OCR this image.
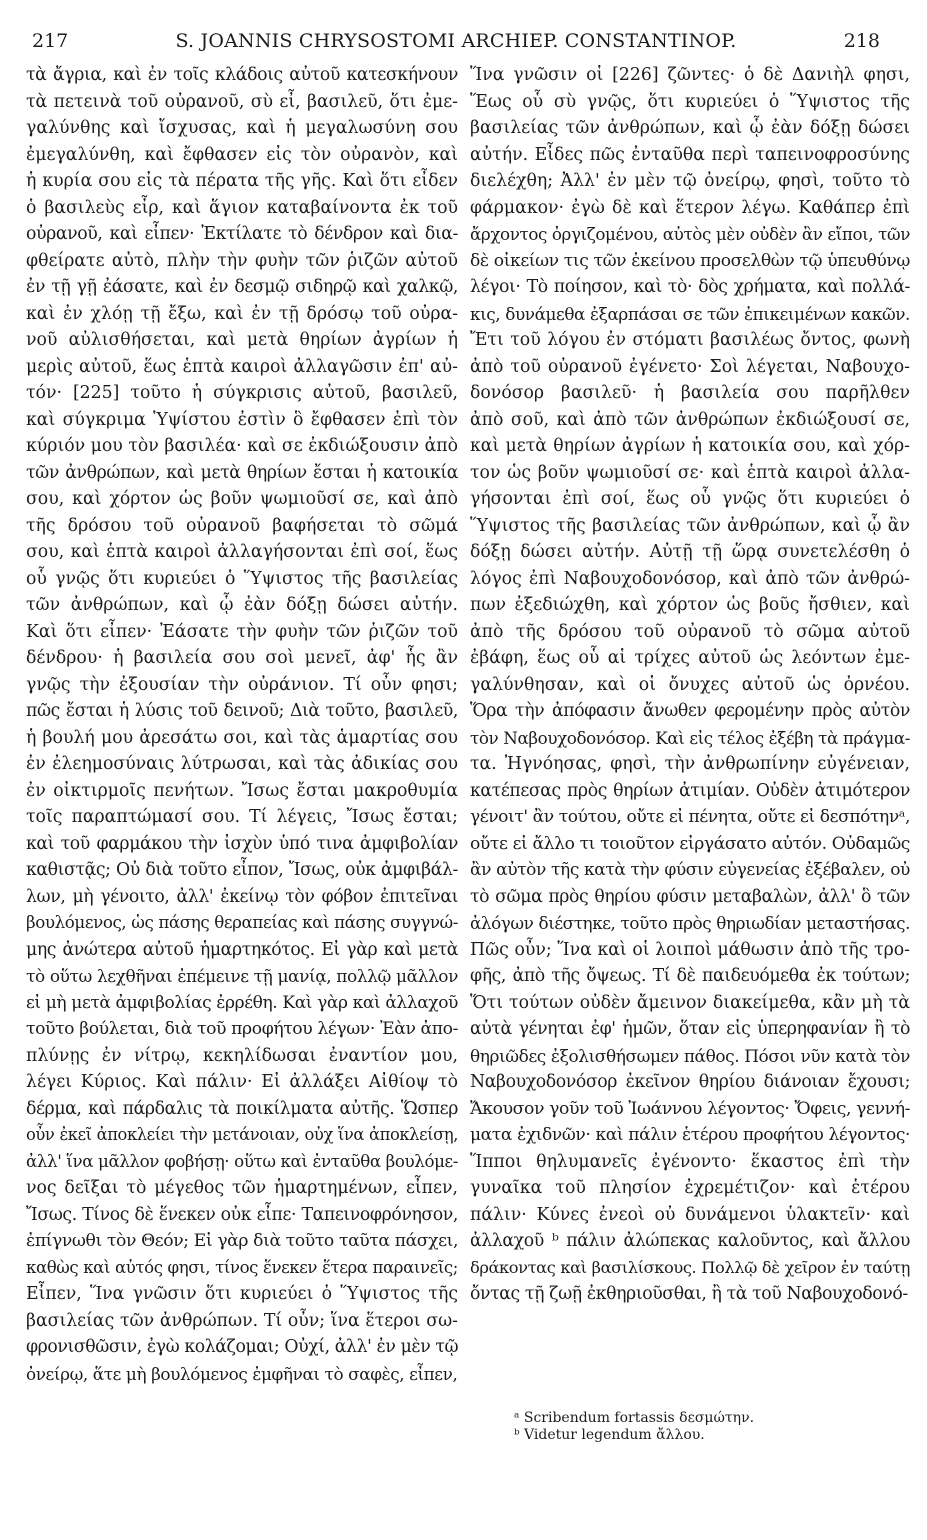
217	S. JOANNIS CHRYSOSTOMI ARCHIEP. CONSTANTINOP.	218
τὰ ἄγρια, καὶ ἐν τοῖς κλάδοις αὐτοῦ κατεσκήνουν
τὰ πετεινὰ τοῦ οὐρανοῦ, σὺ εἶ, βασιλεῦ, ὅτι ἐμε-
γαλύνθης καὶ ἴσχυσας, καὶ ἡ μεγαλωσύνη σου
ἐμεγαλύνθη, καὶ ἔφθασεν εἰς τὸν οὐρανὸν, καὶ
ἡ κυρία σου εἰς τὰ πέρατα τῆς γῆς. Καὶ ὅτι εἶδεν
ὁ βασιλεὺς εἶρ, καὶ ἅγιον καταβαίνοντα ἐκ τοῦ
οὐρανοῦ, καὶ εἶπεν· Ἐκτίλατε τὸ δένδρον καὶ δια-
φθείρατε αὐτὸ, πλὴν τὴν φυὴν τῶν ῥιζῶν αὐτοῦ
ἐν τῇ γῇ ἐάσατε, καὶ ἐν δεσμῷ σιδηρῷ καὶ χαλκῷ,
καὶ ἐν χλόῃ τῇ ἔξω, καὶ ἐν τῇ δρόσῳ τοῦ οὐρα-
νοῦ αὐλισθήσεται, καὶ μετὰ θηρίων ἀγρίων ἡ
μερὶς αὐτοῦ, ἕως ἑπτὰ καιροὶ ἀλλαγῶσιν ἐπ' αὐ-
τόν· [225] τοῦτο ἡ σύγκρισις αὐτοῦ, βασιλεῦ,
καὶ σύγκριμα Ὑψίστου ἐστὶν ὃ ἔφθασεν ἐπὶ τὸν
κύριόν μου τὸν βασιλέα· καὶ σε ἐκδιώξουσιν ἀπὸ
τῶν ἀνθρώπων, καὶ μετὰ θηρίων ἔσται ἡ κατοικία
σου, καὶ χόρτον ὡς βοῦν ψωμιοῦσί σε, καὶ ἀπὸ
τῆς δρόσου τοῦ οὐρανοῦ βαφήσεται τὸ σῶμά
σου, καὶ ἑπτὰ καιροὶ ἀλλαγήσονται ἐπὶ σοί, ἕως
οὗ γνῷς ὅτι κυριεύει ὁ Ὕψιστος τῆς βασιλείας
τῶν ἀνθρώπων, καὶ ᾧ ἐὰν δόξῃ δώσει αὐτήν.
Καὶ ὅτι εἶπεν· Ἐάσατε τὴν φυὴν τῶν ῥιζῶν τοῦ
δένδρου· ἡ βασιλεία σου σοὶ μενεῖ, ἀφ' ἧς ἂν
γνῷς τὴν ἐξουσίαν τὴν οὐράνιον. Τί οὖν φησι;
πῶς ἔσται ἡ λύσις τοῦ δεινοῦ; Διὰ τοῦτο, βασιλεῦ,
ἡ βουλή μου ἀρεσάτω σοι, καὶ τὰς ἁμαρτίας σου
ἐν ἐλεημοσύναις λύτρωσαι, καὶ τὰς ἀδικίας σου
ἐν οἰκτιρμοῖς πενήτων. Ἴσως ἔσται μακροθυμία
τοῖς παραπτώμασί σου. Τί λέγεις, Ἴσως ἔσται;
καὶ τοῦ φαρμάκου τὴν ἰσχὺν ὑπό τινα ἀμφιβολίαν
καθιστᾷς; Οὐ διὰ τοῦτο εἶπον, Ἴσως, οὐκ ἀμφιβάλ-
λων, μὴ γένοιτο, ἀλλ' ἐκείνῳ τὸν φόβον ἐπιτεῖναι
βουλόμενος, ὡς πάσης θεραπείας καὶ πάσης συγγνώ-
μης ἀνώτερα αὐτοῦ ἡμαρτηκότος. Εἰ γὰρ καὶ μετὰ
τὸ οὕτω λεχθῆναι ἐπέμεινε τῇ μανίᾳ, πολλῷ μᾶλλον
εἰ μὴ μετὰ ἀμφιβολίας ἐρρέθη. Καὶ γὰρ καὶ ἀλλαχοῦ
τοῦτο βούλεται, διὰ τοῦ προφήτου λέγων· Ἐὰν ἀπο-
πλύνῃς ἐν νίτρῳ, κεκηλίδωσαι ἐναντίον μου,
λέγει Κύριος. Καὶ πάλιν· Εἰ ἀλλάξει Αἰθίοψ τὸ
δέρμα, καὶ πάρδαλις τὰ ποικίλματα αὐτῆς. Ὥσπερ
οὖν ἐκεῖ ἀποκλείει τὴν μετάνοιαν, οὐχ ἵνα ἀποκλείσῃ,
ἀλλ' ἵνα μᾶλλον φοβήσῃ· οὕτω καὶ ἐνταῦθα βουλόμε-
νος δεῖξαι τὸ μέγεθος τῶν ἡμαρτημένων, εἶπεν,
Ἴσως. Τίνος δὲ ἕνεκεν οὐκ εἶπε· Ταπεινοφρόνησον,
ἐπίγνωθι τὸν Θεόν; Εἰ γὰρ διὰ τοῦτο ταῦτα πάσχει,
καθὼς καὶ αὐτός φησι, τίνος ἕνεκεν ἕτερα παραινεῖς;
Εἶπεν, Ἵνα γνῶσιν ὅτι κυριεύει ὁ Ὕψιστος τῆς
βασιλείας τῶν ἀνθρώπων. Τί οὖν; ἵνα ἕτεροι σω-
φρονισθῶσιν, ἐγὼ κολάζομαι; Οὐχί, ἀλλ' ἐν μὲν τῷ
ὀνείρῳ, ἅτε μὴ βουλόμενος ἐμφῆναι τὸ σαφὲς, εἶπεν,
Ἵνα γνῶσιν οἱ [226] ζῶντες· ὁ δὲ Δανιὴλ φησι,
Ἕως οὗ σὺ γνῷς, ὅτι κυριεύει ὁ Ὕψιστος τῆς
βασιλείας τῶν ἀνθρώπων, καὶ ᾧ ἐὰν δόξῃ δώσει
αὐτήν. Εἶδες πῶς ἐνταῦθα περὶ ταπεινοφροσύνης
διελέχθη; Ἀλλ' ἐν μὲν τῷ ὀνείρῳ, φησὶ, τοῦτο τὸ
φάρμακον· ἐγὼ δὲ καὶ ἕτερον λέγω. Καθάπερ ἐπὶ
ἄρχοντος ὀργιζομένου, αὐτὸς μὲν οὐδὲν ἂν εἴποι, τῶν
δὲ οἰκείων τις τῶν ἐκείνου προσελθὼν τῷ ὑπευθύνῳ
λέγοι· Τὸ ποίησον, καὶ τὸ· δὸς χρήματα, καὶ πολλά-
κις, δυνάμεθα ἐξαρπάσαι σε τῶν ἐπικειμένων κακῶν.
Ἔτι τοῦ λόγου ἐν στόματι βασιλέως ὄντος, φωνὴ
ἀπὸ τοῦ οὐρανοῦ ἐγένετο· Σοὶ λέγεται, Ναβουχο-
δονόσορ βασιλεῦ· ἡ βασιλεία σου παρῆλθεν
ἀπὸ σοῦ, καὶ ἀπὸ τῶν ἀνθρώπων ἐκδιώξουσί σε,
καὶ μετὰ θηρίων ἀγρίων ἡ κατοικία σου, καὶ χόρ-
τον ὡς βοῦν ψωμιοῦσί σε· καὶ ἑπτὰ καιροὶ ἀλλα-
γήσονται ἐπὶ σοί, ἕως οὗ γνῷς ὅτι κυριεύει ὁ
Ὕψιστος τῆς βασιλείας τῶν ἀνθρώπων, καὶ ᾧ ἂν
δόξῃ δώσει αὐτήν. Αὐτῇ τῇ ὥρᾳ συνετελέσθη ὁ
λόγος ἐπὶ Ναβουχοδονόσορ, καὶ ἀπὸ τῶν ἀνθρώ-
πων ἐξεδιώχθη, καὶ χόρτον ὡς βοῦς ἤσθιεν, καὶ
ἀπὸ τῆς δρόσου τοῦ οὐρανοῦ τὸ σῶμα αὐτοῦ
ἐβάφη, ἕως οὗ αἱ τρίχες αὐτοῦ ὡς λεόντων ἐμε-
γαλύνθησαν, καὶ οἱ ὄνυχες αὐτοῦ ὡς ὀρνέου.
Ὅρα τὴν ἀπόφασιν ἄνωθεν φερομένην πρὸς αὐτὸν
τὸν Ναβουχοδονόσορ. Καὶ εἰς τέλος ἐξέβη τὰ πράγμα-
τα. Ἠγνόησας, φησὶ, τὴν ἀνθρωπίνην εὐγένειαν,
κατέπεσας πρὸς θηρίων ἀτιμίαν. Οὐδὲν ἀτιμότερον
γένοιτ' ἂν τούτου, οὔτε εἰ πένητα, οὔτε εἰ δεσπότηνᵃ,
οὔτε εἰ ἄλλο τι τοιοῦτον εἰργάσατο αὐτόν. Οὐδαμῶς
ἂν αὐτὸν τῆς κατὰ τὴν φύσιν εὐγενείας ἐξέβαλεν, οὐ
τὸ σῶμα πρὸς θηρίου φύσιν μεταβαλὼν, ἀλλ' ὃ τῶν
ἀλόγων διέστηκε, τοῦτο πρὸς θηριωδίαν μεταστήσας.
Πῶς οὖν; Ἵνα καὶ οἱ λοιποὶ μάθωσιν ἀπὸ τῆς τρο-
φῆς, ἀπὸ τῆς ὄψεως. Τί δὲ παιδευόμεθα ἐκ τούτων;
Ὅτι τούτων οὐδὲν ἄμεινον διακείμεθα, κἂν μὴ τὰ
αὐτὰ γένηται ἐφ' ἡμῶν, ὅταν εἰς ὑπερηφανίαν ἢ τὸ
θηριῶδες ἐξολισθήσωμεν πάθος. Πόσοι νῦν κατὰ τὸν
Ναβουχοδονόσορ ἐκεῖνον θηρίου διάνοιαν ἔχουσι;
Ἄκουσον γοῦν τοῦ Ἰωάννου λέγοντος· Ὄφεις, γεννή-
ματα ἐχιδνῶν· καὶ πάλιν ἑτέρου προφήτου λέγοντος·
Ἵπποι θηλυμανεῖς ἐγένοντο· ἕκαστος ἐπὶ τὴν
γυναῖκα τοῦ πλησίον ἐχρεμέτιζον· καὶ ἑτέρου
πάλιν· Κύνες ἐνεοὶ οὐ δυνάμενοι ὑλακτεῖν· καὶ
ἀλλαχοῦ ᵇ πάλιν ἀλώπεκας καλοῦντος, καὶ ἄλλου
δράκοντας καὶ βασιλίσκους. Πολλῷ δὲ χεῖρον ἐν ταύτῃ
ὄντας τῇ ζωῇ ἐκθηριοῦσθαι, ἢ τὰ τοῦ Ναβουχοδονό-
ᵃ Scribendum fortassis δεσμώτην.
ᵇ Videtur legendum ἄλλου.
